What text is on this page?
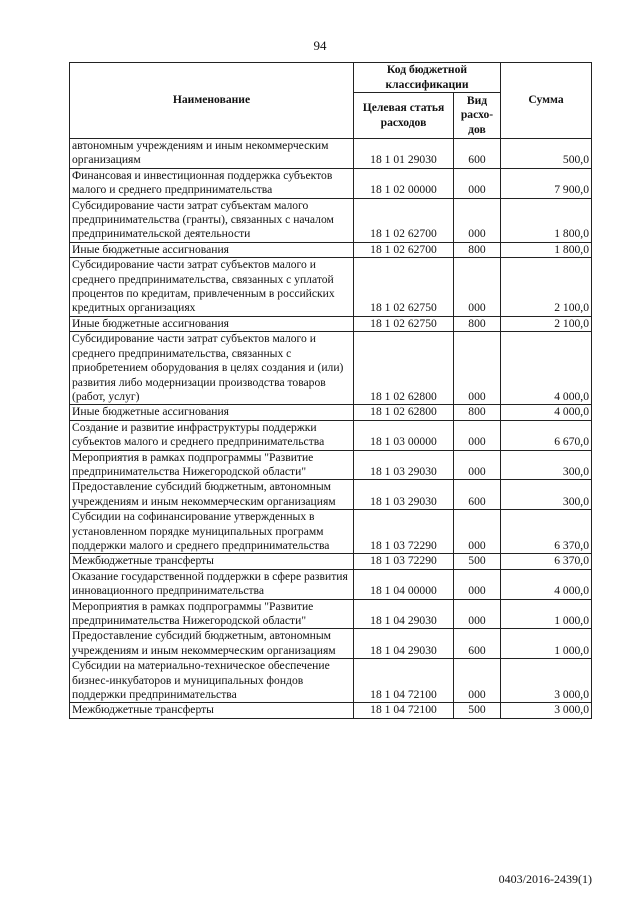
94
Наименование	Код бюджетной классификации		Сумма
	Целевая статья расходов	Вид расхо-дов	
автономным учреждениям и иным некоммерческим организациям	18 1 01 29030	600	500,0
Финансовая и инвестиционная поддержка субъектов малого и среднего предпринимательства	18 1 02 00000	000	7 900,0
Субсидирование части затрат субъектам малого предпринимательства (гранты), связанных с началом предпринимательской деятельности	18 1 02 62700	000	1 800,0
Иные бюджетные ассигнования	18 1 02 62700	800	1 800,0
Субсидирование части затрат субъектов малого и среднего предпринимательства, связанных с уплатой процентов по кредитам, привлеченным в российских кредитных организациях	18 1 02 62750	000	2 100,0
Иные бюджетные ассигнования	18 1 02 62750	800	2 100,0
Субсидирование части затрат субъектов малого и среднего предпринимательства, связанных с приобретением оборудования в целях создания и (или) развития либо модернизации производства товаров (работ, услуг)	18 1 02 62800	000	4 000,0
Иные бюджетные ассигнования	18 1 02 62800	800	4 000,0
Создание и развитие инфраструктуры поддержки субъектов малого и среднего предпринимательства	18 1 03 00000	000	6 670,0
Мероприятия в рамках подпрограммы "Развитие предпринимательства Нижегородской области"	18 1 03 29030	000	300,0
Предоставление субсидий бюджетным, автономным учреждениям и иным некоммерческим организациям	18 1 03 29030	600	300,0
Субсидии на софинансирование утвержденных в установленном порядке муниципальных программ поддержки малого и среднего предпринимательства	18 1 03 72290	000	6 370,0
Межбюджетные трансферты	18 1 03 72290	500	6 370,0
Оказание государственной поддержки в сфере развития инновационного предпринимательства	18 1 04 00000	000	4 000,0
Мероприятия в рамках подпрограммы "Развитие предпринимательства Нижегородской области"	18 1 04 29030	000	1 000,0
Предоставление субсидий бюджетным, автономным учреждениям и иным некоммерческим организациям	18 1 04 29030	600	1 000,0
Субсидии на материально-техническое обеспечение бизнес-инкубаторов и муниципальных фондов поддержки предпринимательства	18 1 04 72100	000	3 000,0
Межбюджетные трансферты	18 1 04 72100	500	3 000,0
0403/2016-2439(1)
